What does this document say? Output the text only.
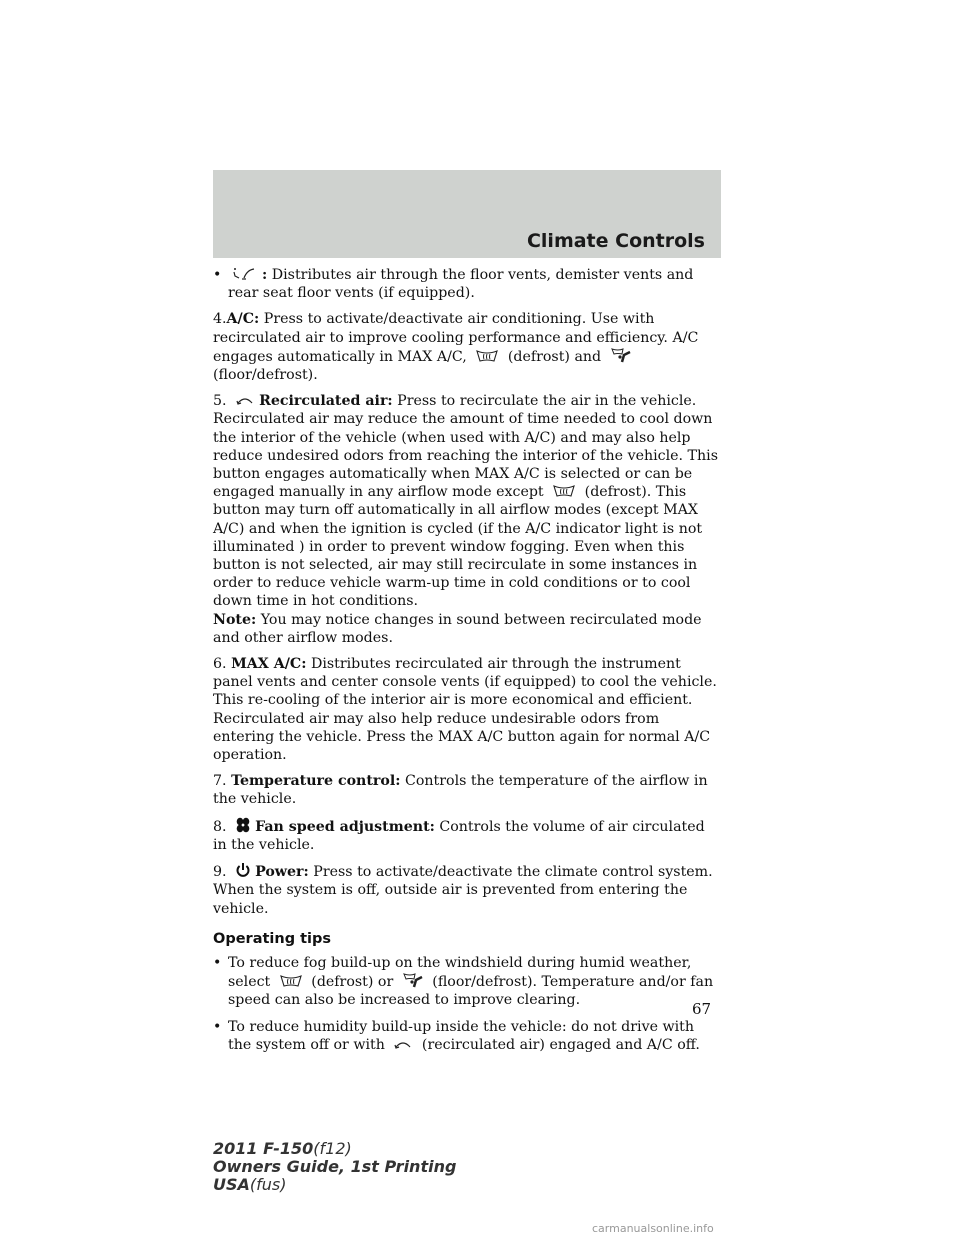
Climate Controls
•	: Distributes air through the floor vents, demister vents and rear seat floor vents (if equipped).

4.A/C: Press to activate/deactivate air conditioning. Use with recirculated air to improve cooling performance and efficiency. A/C engages automatically in MAX A/C,	(defrost) and
(floor/defrost).

5. Recirculated air: Press to recirculate the air in the vehicle. Recirculated air may reduce the amount of time needed to cool down the interior of the vehicle (when used with A/C) and may also help reduce undesired odors from reaching the interior of the vehicle. This button engages automatically when MAX A/C is selected or can be engaged manually in any airflow mode except	(defrost). This button may turn off automatically in all airflow modes (except MAX A/C) and when the ignition is cycled (if the A/C indicator light is not illuminated ) in order to prevent window fogging. Even when this button is not selected, air may still recirculate in some instances in order to reduce vehicle warm-up time in cold conditions or to cool down time in hot conditions.
Note: You may notice changes in sound between recirculated mode and other airflow modes.

6. MAX A/C: Distributes recirculated air through the instrument panel vents and center console vents (if equipped) to cool the vehicle. This re-cooling of the interior air is more economical and efficient. Recirculated air may also help reduce undesirable odors from entering the vehicle. Press the MAX A/C button again for normal A/C operation.

7. Temperature control: Controls the temperature of the airflow in the vehicle.

8. Fan speed adjustment: Controls the volume of air circulated in the vehicle.

9. Power: Press to activate/deactivate the climate control system. When the system is off, outside air is prevented from entering the vehicle.

Operating tips
• To reduce fog build-up on the windshield during humid weather, select	(defrost) or	(floor/defrost). Temperature and/or fan speed can also be increased to improve clearing.
• To reduce humidity build-up inside the vehicle: do not drive with the system off or with	(recirculated air) engaged and A/C off.
67
2011 F-150(f12)
Owners Guide, 1st Printing
USA(fus)
carmanualsonline.info
